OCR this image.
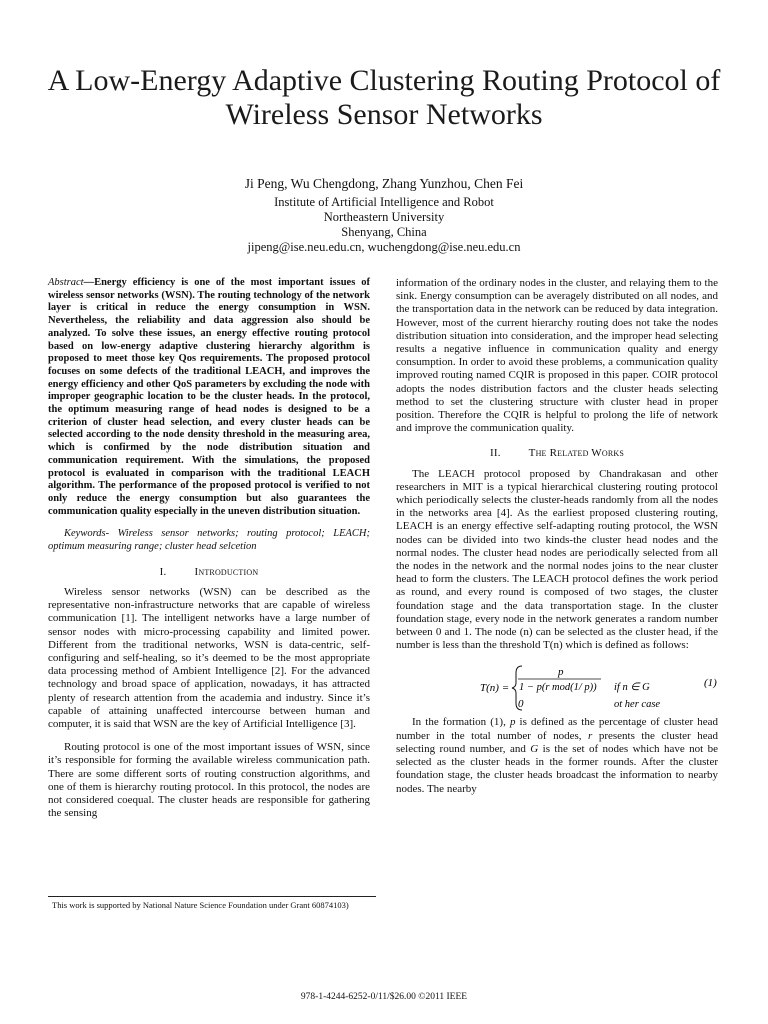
A Low-Energy Adaptive Clustering Routing Protocol of Wireless Sensor Networks
Ji Peng, Wu Chengdong, Zhang Yunzhou, Chen Fei
Institute of Artificial Intelligence and Robot
Northeastern University
Shenyang, China
jipeng@ise.neu.edu.cn, wuchengdong@ise.neu.edu.cn

Abstract—Energy efficiency is one of the most important issues of wireless sensor networks (WSN). The routing technology of the network layer is critical in reduce the energy consumption in WSN. Nevertheless, the reliability and data aggression also should be analyzed. To solve these issues, an energy effective routing protocol based on low-energy adaptive clustering hierarchy algorithm is proposed to meet those key Qos requirements. The proposed protocol focuses on some defects of the traditional LEACH, and improves the energy efficiency and other QoS parameters by excluding the node with improper geographic location to be the cluster heads. In the protocol, the optimum measuring range of head nodes is designed to be a criterion of cluster head selection, and every cluster heads can be selected according to the node density threshold in the measuring area, which is confirmed by the node distribution situation and communication requirement. With the simulations, the proposed protocol is evaluated in comparison with the traditional LEACH algorithm. The performance of the proposed protocol is verified to not only reduce the energy consumption but also guarantees the communication quality especially in the uneven distribution situation.

Keywords- Wireless sensor networks; routing protocol; LEACH; optimum measuring range; cluster head selcetion

I.	Introduction

Wireless sensor networks (WSN) can be described as the representative non-infrastructure networks that are capable of wireless communication [1]. The intelligent networks have a large number of sensor nodes with micro-processing capability and limited power. Different from the traditional networks, WSN is data-centric, self-configuring and self-healing, so it’s deemed to be the most appropriate data processing method of Ambient Intelligence [2]. For the advanced technology and broad space of application, nowadays, it has attracted plenty of research attention from the academia and industry. Since it’s capable of attaining unaffected intercourse between human and computer, it is said that WSN are the key of Artificial Intelligence [3].

Routing protocol is one of the most important issues of WSN, since it’s responsible for forming the available wireless communication path. There are some different sorts of routing construction algorithms, and one of them is hierarchy routing protocol. In this protocol, the nodes are not considered coequal. The cluster heads are responsible for gathering the sensing

information of the ordinary nodes in the cluster, and relaying them to the sink. Energy consumption can be averagely distributed on all nodes, and the transportation data in the network can be reduced by data integration. However, most of the current hierarchy routing does not take the nodes distribution situation into consideration, and the improper head selecting results a negative influence in communication quality and energy consumption. In order to avoid these problems, a communication quality improved routing named CQIR is proposed in this paper. COIR protocol adopts the nodes distribution factors and the cluster heads selecting method to set the clustering structure with cluster head in proper position. Therefore the CQIR is helpful to prolong the life of network and improve the communication quality.

II.	The Related Works

The LEACH protocol proposed by Chandrakasan and other researchers in MIT is a typical hierarchical clustering routing protocol which periodically selects the cluster-heads randomly from all the nodes in the networks area [4]. As the earliest proposed clustering routing, LEACH is an energy effective self-adapting routing protocol, the WSN nodes can be divided into two kinds-the cluster head nodes and the normal nodes. The cluster head nodes are periodically selected from all the nodes in the network and the normal nodes joins to the near cluster head to form the clusters. The LEACH protocol defines the work period as round, and every round is composed of two stages, the cluster foundation stage and the data transportation stage. In the cluster foundation stage, every node in the network generates a random number between 0 and 1. The node (n) can be selected as the cluster head, if the number is less than the threshold T(n) which is defined as follows:

T(n) =
p
1 − p(r mod(1/ p)) if n ∈ G
0	ot her case
(1)

In the formation (1), p is defined as the percentage of cluster head number in the total number of nodes, r presents the cluster head selecting round number, and G is the set of nodes which have not be selected as the cluster heads in the former rounds. After the cluster foundation stage, the cluster heads broadcast the information to nearby nodes. The nearby

This work is supported by National Nature Science Foundation under Grant 60874103)
978-1-4244-6252-0/11/$26.00 ©2011 IEEE
